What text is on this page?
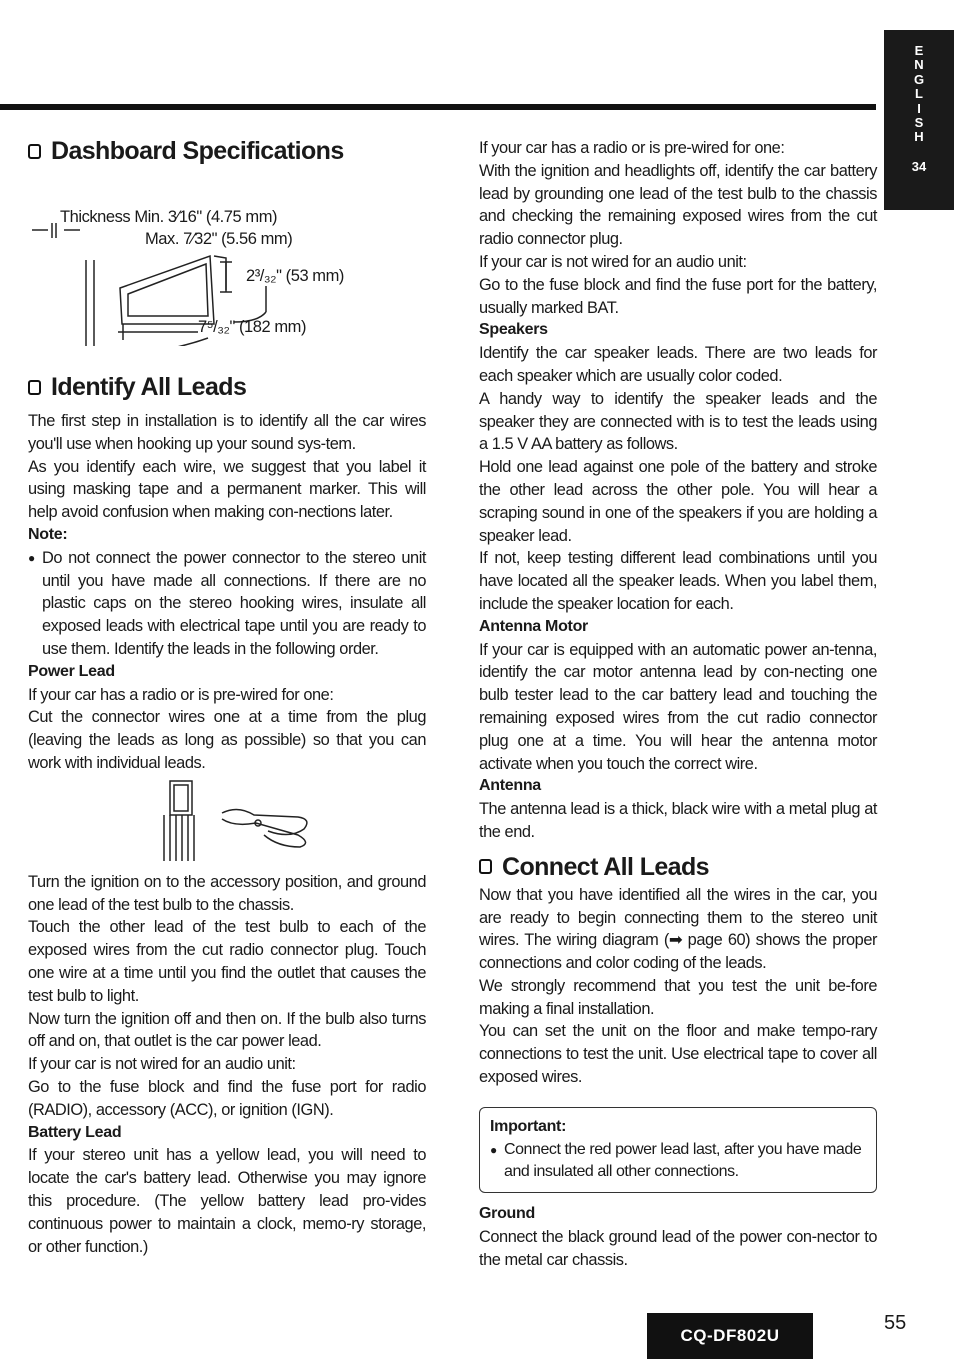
E
N
G
L
I
S
H
34
Dashboard Specifications
Thickness Min. 3⁄16" (4.75 mm)
Max. 7⁄32" (5.56 mm)
2³/₃₂" (53 mm)
7⁵/₃₂" (182 mm)
Identify All Leads

The first step in installation is to identify all the car wires you'll use when hooking up your sound sys-tem.

As you identify each wire, we suggest that you label it using masking tape and a permanent marker. This will help avoid confusion when making con-nections later.

Note:
● Do not connect the power connector to the stereo unit until you have made all connections. If there are no plastic caps on the stereo hooking wires, insulate all exposed leads with electrical tape until you are ready to use them. Identify the leads in the following order.

Power Lead

If your car has a radio or is pre-wired for one:

Cut the connector wires one at a time from the plug (leaving the leads as long as possible) so that you can work with individual leads.

Turn the ignition on to the accessory position, and ground one lead of the test bulb to the chassis.

Touch the other lead of the test bulb to each of the exposed wires from the cut radio connector plug. Touch one wire at a time until you find the outlet that causes the test bulb to light.

Now turn the ignition off and then on. If the bulb also turns off and on, that outlet is the car power lead.

If your car is not wired for an audio unit:

Go to the fuse block and find the fuse port for radio (RADIO), accessory (ACC), or ignition (IGN).

Battery Lead

If your stereo unit has a yellow lead, you will need to locate the car's battery lead. Otherwise you may ignore this procedure. (The yellow battery lead pro-vides continuous power to maintain a clock, memo-ry storage, or other function.)

If your car has a radio or is pre-wired for one:

With the ignition and headlights off, identify the car battery lead by grounding one lead of the test bulb to the chassis and checking the remaining exposed wires from the cut radio connector plug.

If your car is not wired for an audio unit:

Go to the fuse block and find the fuse port for the battery, usually marked BAT.

Speakers

Identify the car speaker leads. There are two leads for each speaker which are usually color coded.

A handy way to identify the speaker leads and the speaker they are connected with is to test the leads using a 1.5 V AA battery as follows.

Hold one lead against one pole of the battery and stroke the other lead across the other pole. You will hear a scraping sound in one of the speakers if you are holding a speaker lead.

If not, keep testing different lead combinations until you have located all the speaker leads. When you label them, include the speaker location for each.

Antenna Motor

If your car is equipped with an automatic power an-tenna, identify the car motor antenna lead by con-necting one bulb tester lead to the car battery lead and touching the remaining exposed wires from the cut radio connector plug one at a time. You will hear the antenna motor activate when you touch the correct wire.

Antenna

The antenna lead is a thick, black wire with a metal plug at the end.

Connect All Leads

Now that you have identified all the wires in the car, you are ready to begin connecting them to the stereo unit wires. The wiring diagram (➡ page 60) shows the proper connections and color coding of the leads.

We strongly recommend that you test the unit be-fore making a final installation.

You can set the unit on the floor and make tempo-rary connections to test the unit. Use electrical tape to cover all exposed wires.

Important:
● Connect the red power lead last, after you have made and insulated all other connections.

Ground

Connect the black ground lead of the power con-nector to the metal car chassis.

CQ-DF802U
55
